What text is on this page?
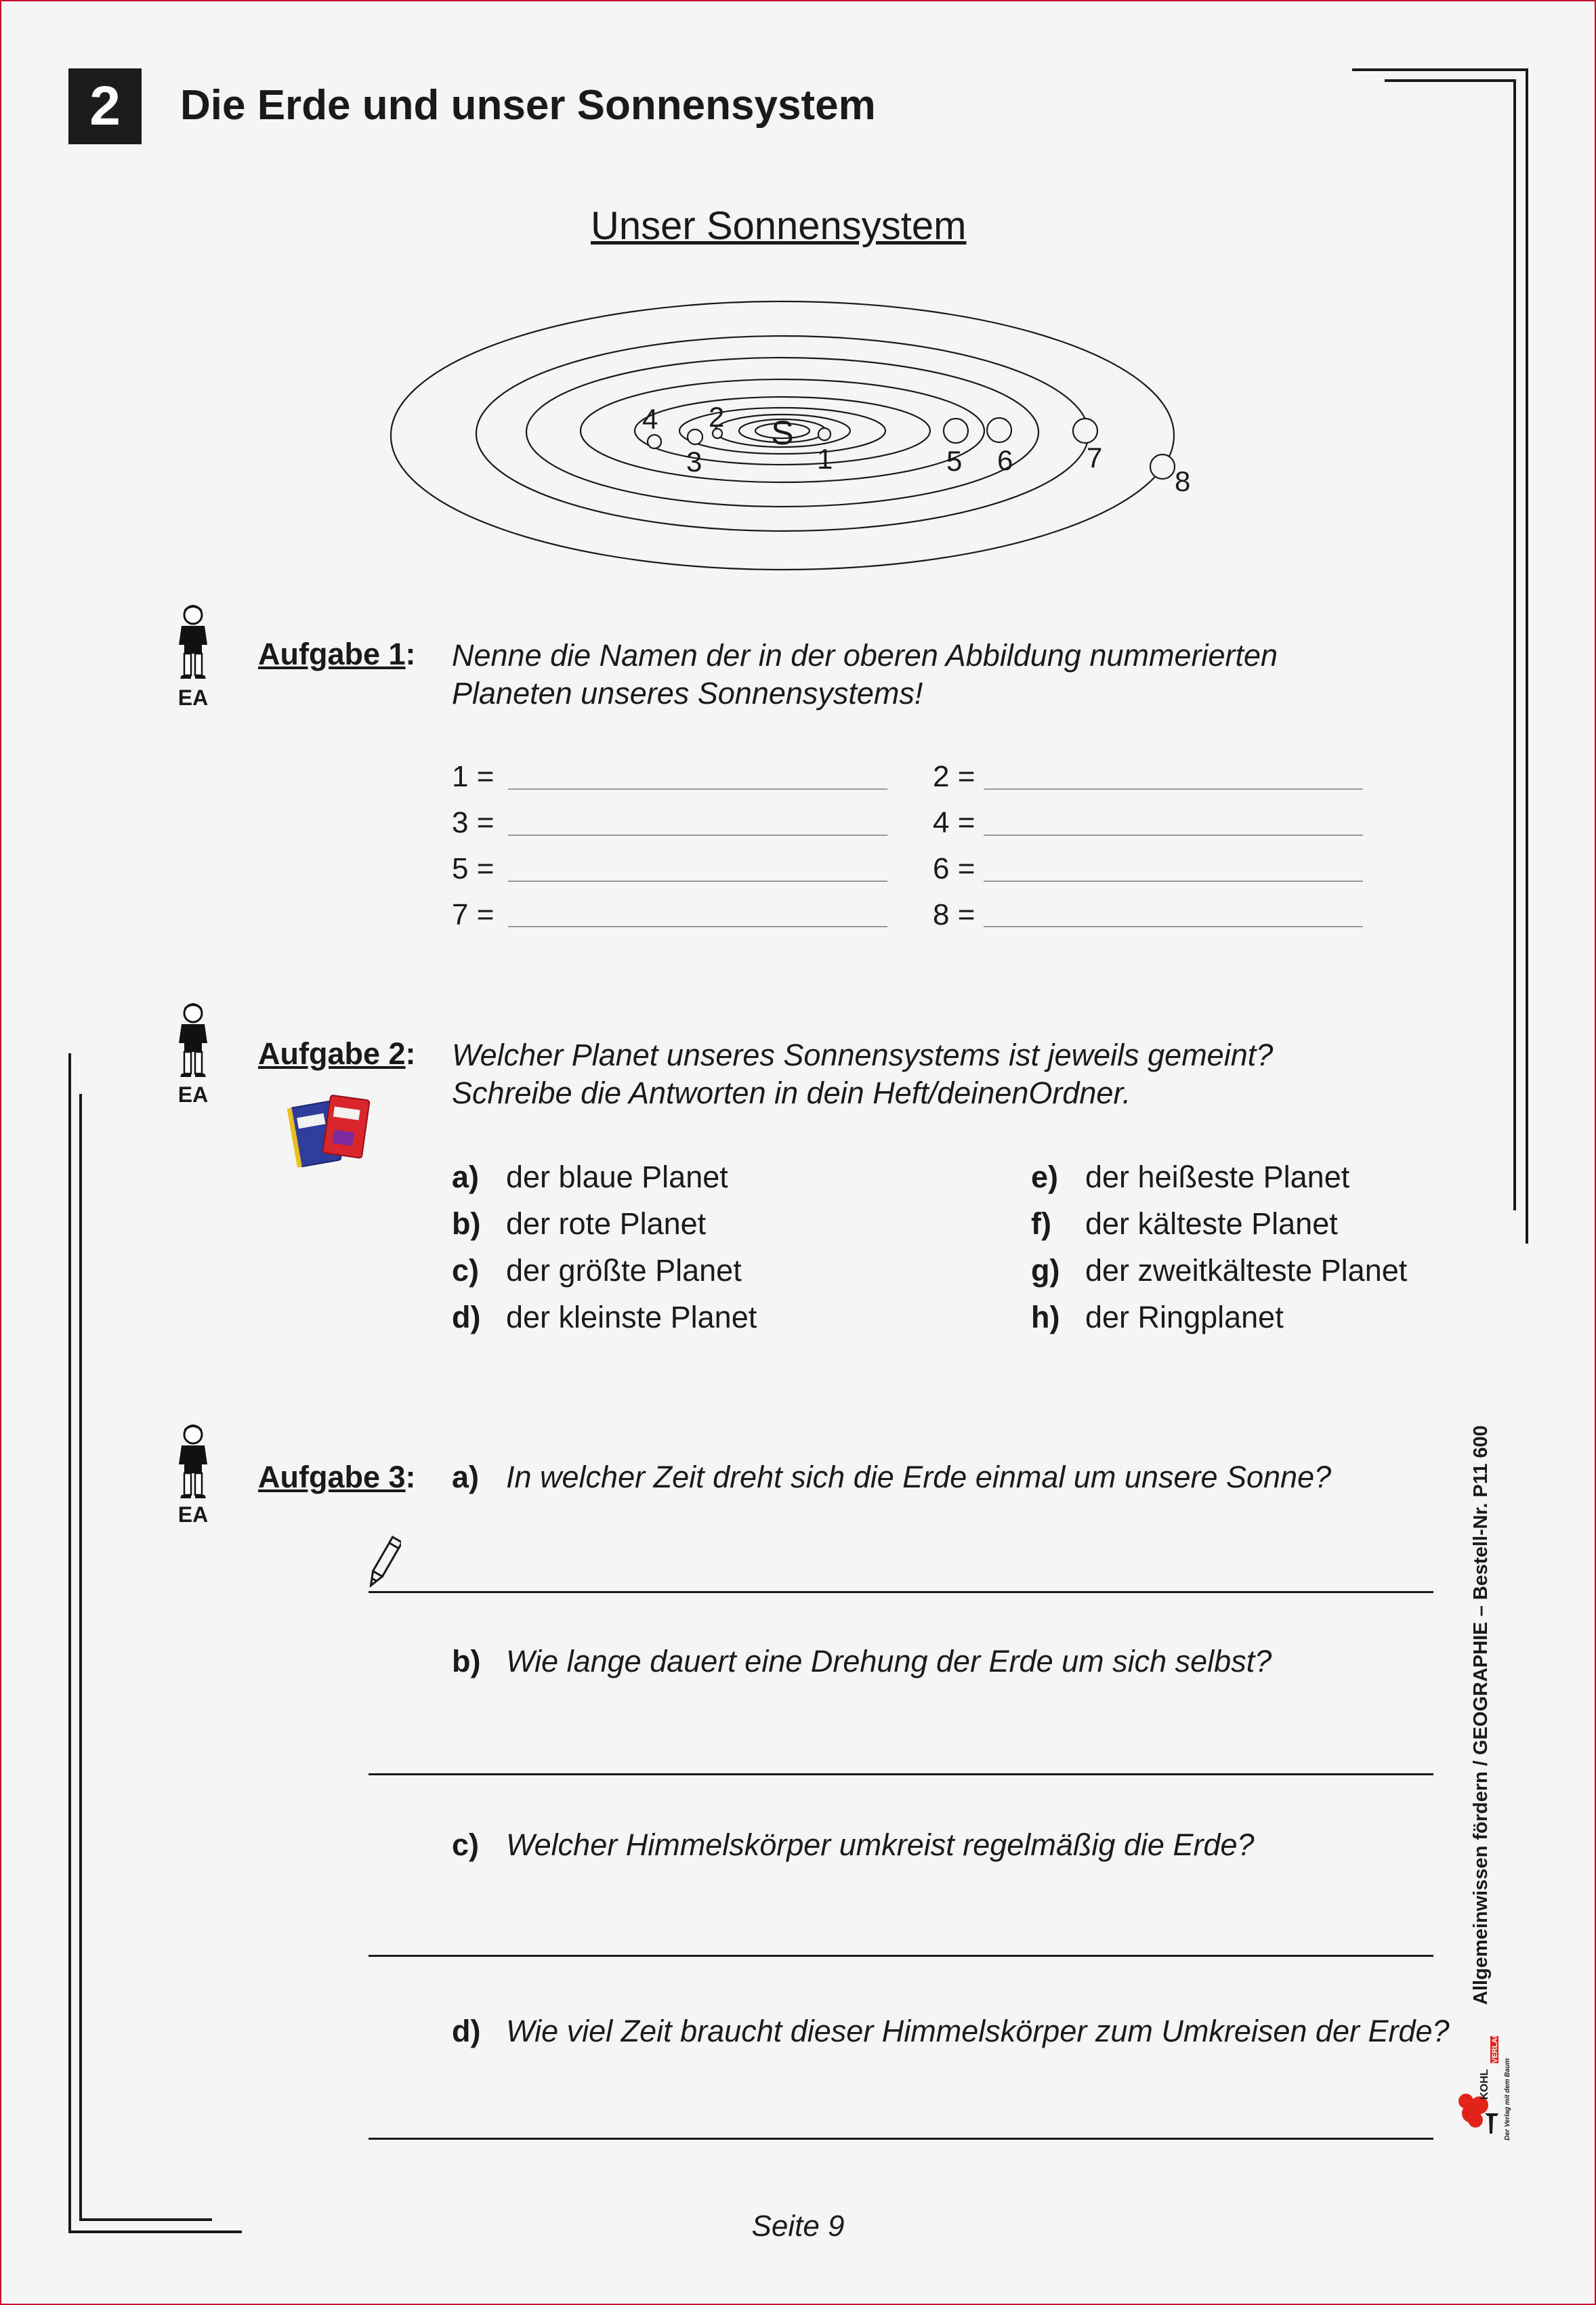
2	Die Erde und unser Sonnensystem
Unser Sonnensystem
S
1
2
3
4
5 6	7
8
EA
Aufgabe 1: Nenne die Namen der in der oberen Abbildung nummerierten
Planeten unseres Sonnensystems!
1 =	2 =
3 =	4 =
5 =	6 =
7 =	8 =
EA
Aufgabe 2: Welcher Planet unseres Sonnensystems ist jeweils gemeint?
Schreibe die Antworten in dein Heft/deinenOrdner.
a) der blaue Planet
b) der rote Planet
c) der größte Planet
d) der kleinste Planet
e) der heißeste Planet
f) der kälteste Planet
g) der zweitkälteste Planet
h) der Ringplanet
EA
Aufgabe 3: a) In welcher Zeit dreht sich die Erde einmal um unsere Sonne?
b) Wie lange dauert eine Drehung der Erde um sich selbst?
c) Welcher Himmelskörper umkreist regelmäßig die Erde?
d) Wie viel Zeit braucht dieser Himmelskörper zum Umkreisen der Erde?
Seite 9
Allgemeinwissen fördern / GEOGRAPHIE – Bestell-Nr. P11 600
KOHL
VERLAG
Der Verlag mit dem Baum
